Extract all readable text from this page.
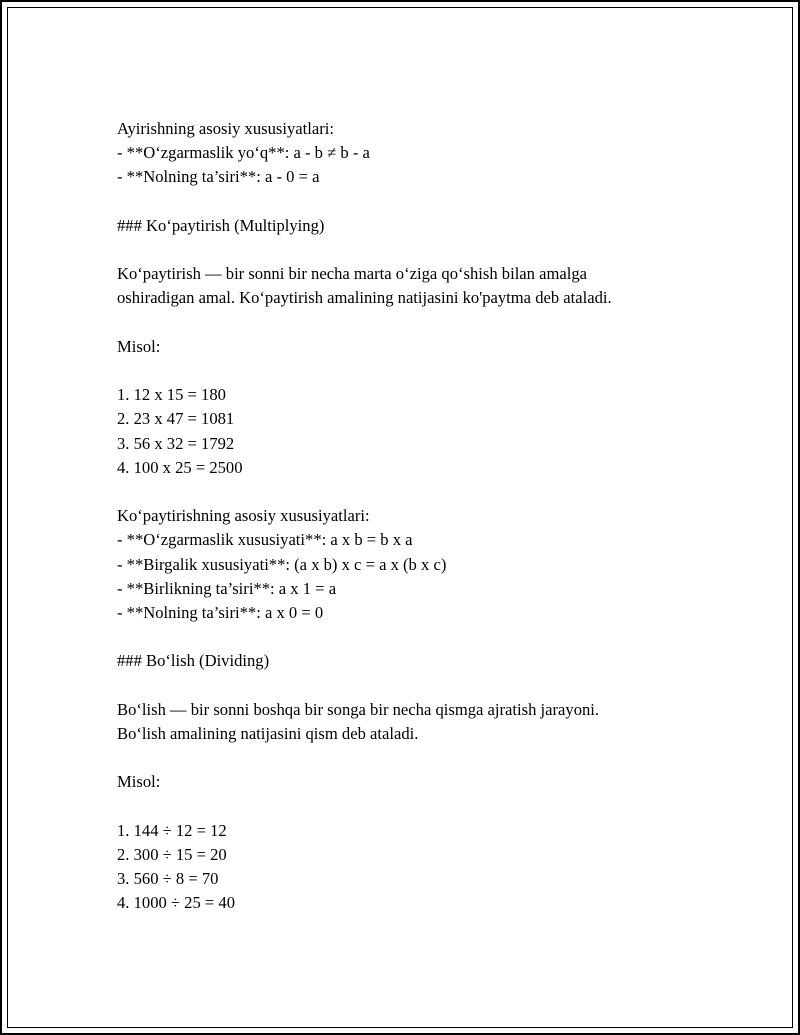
Ayirishning asosiy xususiyatlari:
- **O‘zgarmaslik yo‘q**: a - b ≠ b - a
- **Nolning ta’siri**: a - 0 = a
### Ko‘paytirish (Multiplying)
Ko‘paytirish — bir sonni bir necha marta o‘ziga qo‘shish bilan amalga
oshiradigan amal. Ko‘paytirish amalining natijasini ko'paytma deb ataladi.
Misol:
1. 12 x 15 = 180
2. 23 x 47 = 1081
3. 56 x 32 = 1792
4. 100 x 25 = 2500
Ko‘paytirishning asosiy xususiyatlari:
- **O‘zgarmaslik xususiyati**: a x b = b x a
- **Birgalik xususiyati**: (a x b) x c = a x (b x c)
- **Birlikning ta’siri**: a x 1 = a
- **Nolning ta’siri**: a x 0 = 0
### Bo‘lish (Dividing)
Bo‘lish — bir sonni boshqa bir songa bir necha qismga ajratish jarayoni.
Bo‘lish amalining natijasini qism deb ataladi.
Misol:
1. 144 ÷ 12 = 12
2. 300 ÷ 15 = 20
3. 560 ÷ 8 = 70
4. 1000 ÷ 25 = 40
